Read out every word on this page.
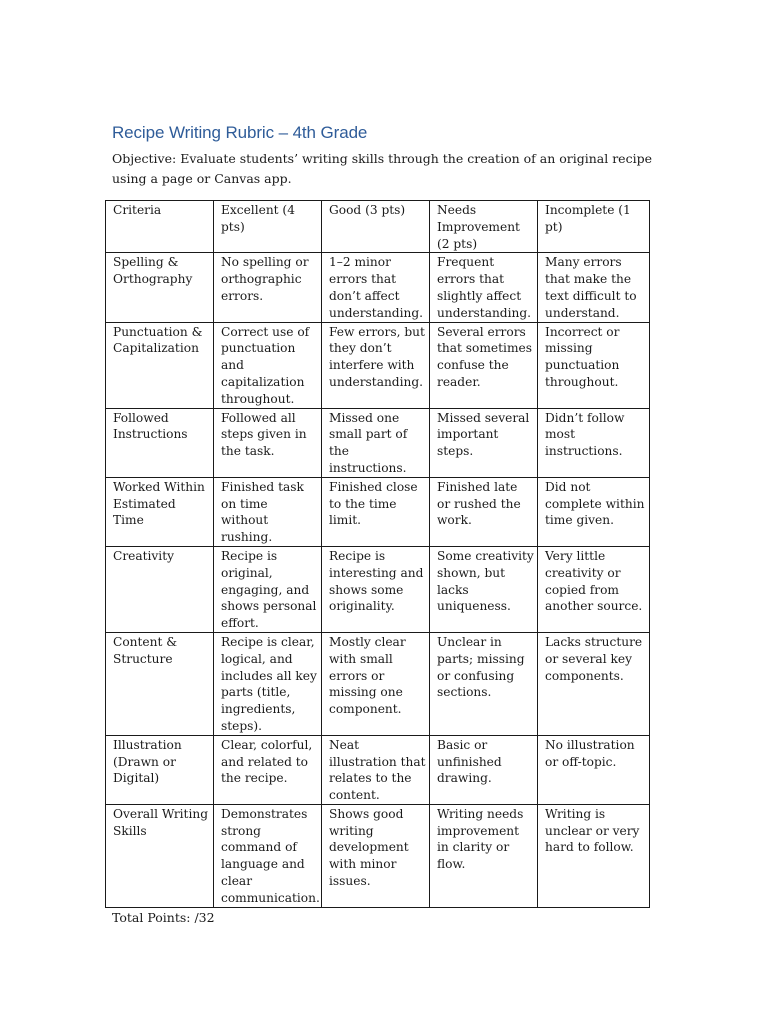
Recipe Writing Rubric – 4th Grade

Objective: Evaluate students’ writing skills through the creation of an original recipe using a page or Canvas app.

Criteria	Excellent (4 pts)	Good (3 pts)	Needs Improvement (2 pts)	Incomplete (1 pt)
Spelling & Orthography	No spelling or orthographic errors.	1–2 minor errors that don’t affect understanding.	Frequent errors that slightly affect understanding.	Many errors that make the text difficult to understand.
Punctuation & Capitalization	Correct use of punctuation and capitalization throughout.	Few errors, but they don’t interfere with understanding.	Several errors that sometimes confuse the reader.	Incorrect or missing punctuation throughout.
Followed Instructions	Followed all steps given in the task.	Missed one small part of the instructions.	Missed several important steps.	Didn’t follow most instructions.
Worked Within Estimated Time	Finished task on time without rushing.	Finished close to the time limit.	Finished late or rushed the work.	Did not complete within time given.
Creativity	Recipe is original, engaging, and shows personal effort.	Recipe is interesting and shows some originality.	Some creativity shown, but lacks uniqueness.	Very little creativity or copied from another source.
Content & Structure	Recipe is clear, logical, and includes all key parts (title, ingredients, steps).	Mostly clear with small errors or missing one component.	Unclear in parts; missing or confusing sections.	Lacks structure or several key components.
Illustration (Drawn or Digital)	Clear, colorful, and related to the recipe.	Neat illustration that relates to the content.	Basic or unfinished drawing.	No illustration or off-topic.
Overall Writing Skills	Demonstrates strong command of language and clear communication.	Shows good writing development with minor issues.	Writing needs improvement in clarity or flow.	Writing is unclear or very hard to follow.

Total Points: /32
